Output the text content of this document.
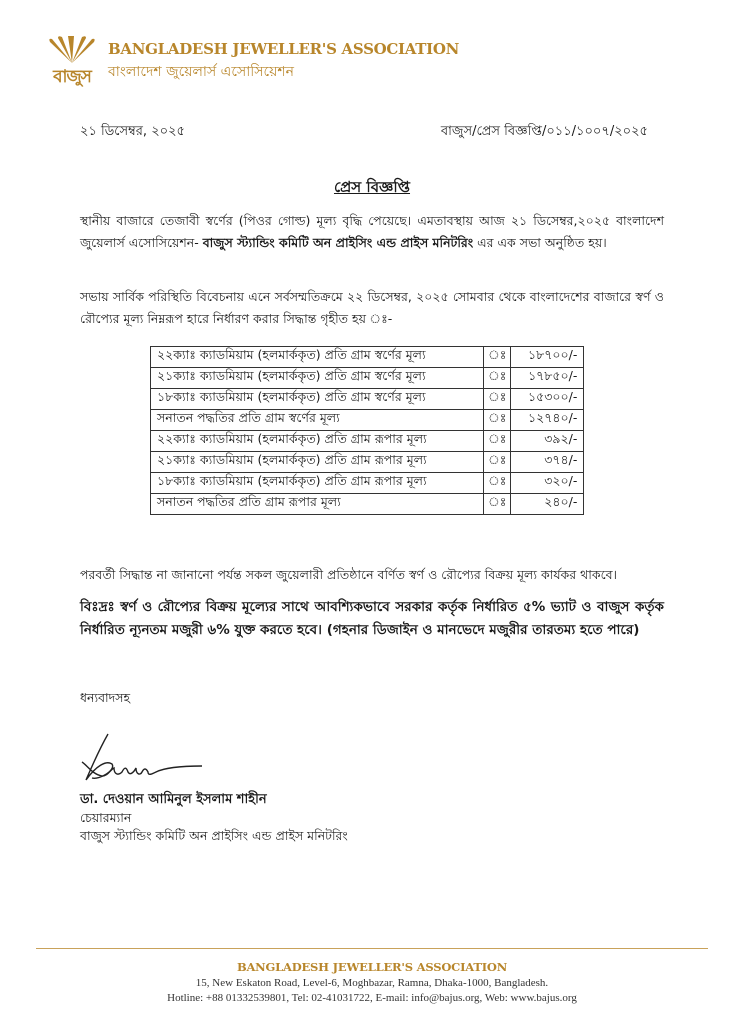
বাজুস
BANGLADESH JEWELLER'S ASSOCIATION
বাংলাদেশ জুয়েলার্স এসোসিয়েশন
২১ ডিসেম্বর, ২০২৫	বাজুস/প্রেস বিজ্ঞপ্তি/০১১/১০০৭/২০২৫
প্রেস বিজ্ঞপ্তি
স্থানীয় বাজারে তেজাবী স্বর্ণের (পিওর গোল্ড) মূল্য বৃদ্ধি পেয়েছে। এমতাবস্থায় আজ ২১ ডিসেম্বর,২০২৫ বাংলাদেশ জুয়েলার্স এসোসিয়েশন- বাজুস স্ট্যান্ডিং কমিটি অন প্রাইসিং এন্ড প্রাইস মনিটরিং এর এক সভা অনুষ্ঠিত হয়।
সভায় সার্বিক পরিস্থিতি বিবেচনায় এনে সর্বসম্মতিক্রমে ২২ ডিসেম্বর, ২০২৫ সোমবার থেকে বাংলাদেশের বাজারে স্বর্ণ ও রৌপ্যের মূল্য নিম্নরূপ হারে নির্ধারণ করার সিদ্ধান্ত গৃহীত হয় ঃ-
২২ক্যাঃ ক্যাডমিয়াম (হলমার্ককৃত) প্রতি গ্রাম স্বর্ণের মূল্য	ঃ	১৮৭০০/-
২১ক্যাঃ ক্যাডমিয়াম (হলমার্ককৃত) প্রতি গ্রাম স্বর্ণের মূল্য	ঃ	১৭৮৫০/-
১৮ক্যাঃ ক্যাডমিয়াম (হলমার্ককৃত) প্রতি গ্রাম স্বর্ণের মূল্য	ঃ	১৫৩০০/-
সনাতন পদ্ধতির প্রতি গ্রাম স্বর্ণের মূল্য	ঃ	১২৭৪০/-
২২ক্যাঃ ক্যাডমিয়াম (হলমার্ককৃত) প্রতি গ্রাম রূপার মূল্য	ঃ	৩৯২/-
২১ক্যাঃ ক্যাডমিয়াম (হলমার্ককৃত) প্রতি গ্রাম রূপার মূল্য	ঃ	৩৭৪/-
১৮ক্যাঃ ক্যাডমিয়াম (হলমার্ককৃত) প্রতি গ্রাম রূপার মূল্য	ঃ	৩২০/-
সনাতন পদ্ধতির প্রতি গ্রাম রূপার মূল্য	ঃ	২৪০/-
পরবর্তী সিদ্ধান্ত না জানানো পর্যন্ত সকল জুয়েলারী প্রতিষ্ঠানে বর্ণিত স্বর্ণ ও রৌপ্যের বিক্রয় মূল্য কার্যকর থাকবে।
বিঃদ্রঃ স্বর্ণ ও রৌপ্যের বিক্রয় মূল্যের সাথে আবশ্যিকভাবে সরকার কর্তৃক নির্ধারিত ৫% ভ্যাট ও বাজুস কর্তৃক নির্ধারিত ন্যূনতম মজুরী ৬% যুক্ত করতে হবে। (গহনার ডিজাইন ও মানভেদে মজুরীর তারতম্য হতে পারে)
ধন্যবাদসহ
ডা. দেওয়ান আমিনুল ইসলাম শাহীন
চেয়ারম্যান
বাজুস স্ট্যান্ডিং কমিটি অন প্রাইসিং এন্ড প্রাইস মনিটরিং
BANGLADESH JEWELLER'S ASSOCIATION
15, New Eskaton Road, Level-6, Moghbazar, Ramna, Dhaka-1000, Bangladesh.
Hotline: +88 01332539801, Tel: 02-41031722, E-mail: info@bajus.org, Web: www.bajus.org
